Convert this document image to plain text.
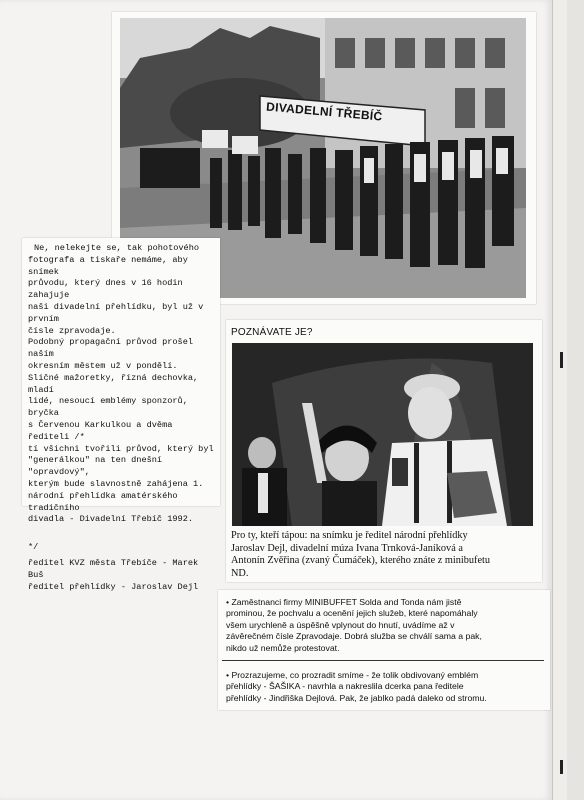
DIVADELNÍ TŘEBÍČ
Ne, nelekejte se, tak pohotového
fotografa a tiskaře nemáme, aby snímek
průvodu, který dnes v 16 hodin zahajuje
naši divadelní přehlídku, byl už v prvním
čísle zpravodaje.
Podobný propagační průvod prošel naším
okresním městem už v pondělí.
Sličné mažoretky, řízná dechovka, mladí
lidé, nesoucí emblémy sponzorů, bryčka
s Červenou Karkulkou a dvěma řediteli /*
tí všichni tvořili průvod, který byl
"generálkou" na ten dnešní "opravdový",
kterým bude slavnostně zahájena 1.
národní přehlídka amatérského tradičního
divadla - Divadelní Třebíč 1992.
*/
ředitel KVZ města Třebíče - Marek Buš
ředitel přehlídky - Jaroslav Dejl
POZNÁVATE JE?
Pro ty, kteří tápou: na snímku je ředitel národní přehlídky
Jaroslav Dejl, divadelní múza Ivana Trnková-Janíková a
Antonín Zvěřina (zvaný Čumáček), kterého znáte z minibufetu
ND.
• Zaměstnanci firmy MINIBUFFET Solda and Tonda nám jistě
prominou, že pochvalu a ocenění jejich služeb, které napomáhaly
všem urychleně a úspěšně vplynout do hnutí, uvádíme až v
závěrečném čísle Zpravodaje. Dobrá služba se chválí sama a pak,
nikdo už nemůže protestovat.
• Prozrazujeme, co prozradit smíme - že tolik obdivovaný emblém
přehlídky - ŠAŠIKA - navrhla a nakreslila dcerka pana ředitele
přehlídky - Jindřiška Dejlová. Pak, že jablko padá daleko od stromu.
